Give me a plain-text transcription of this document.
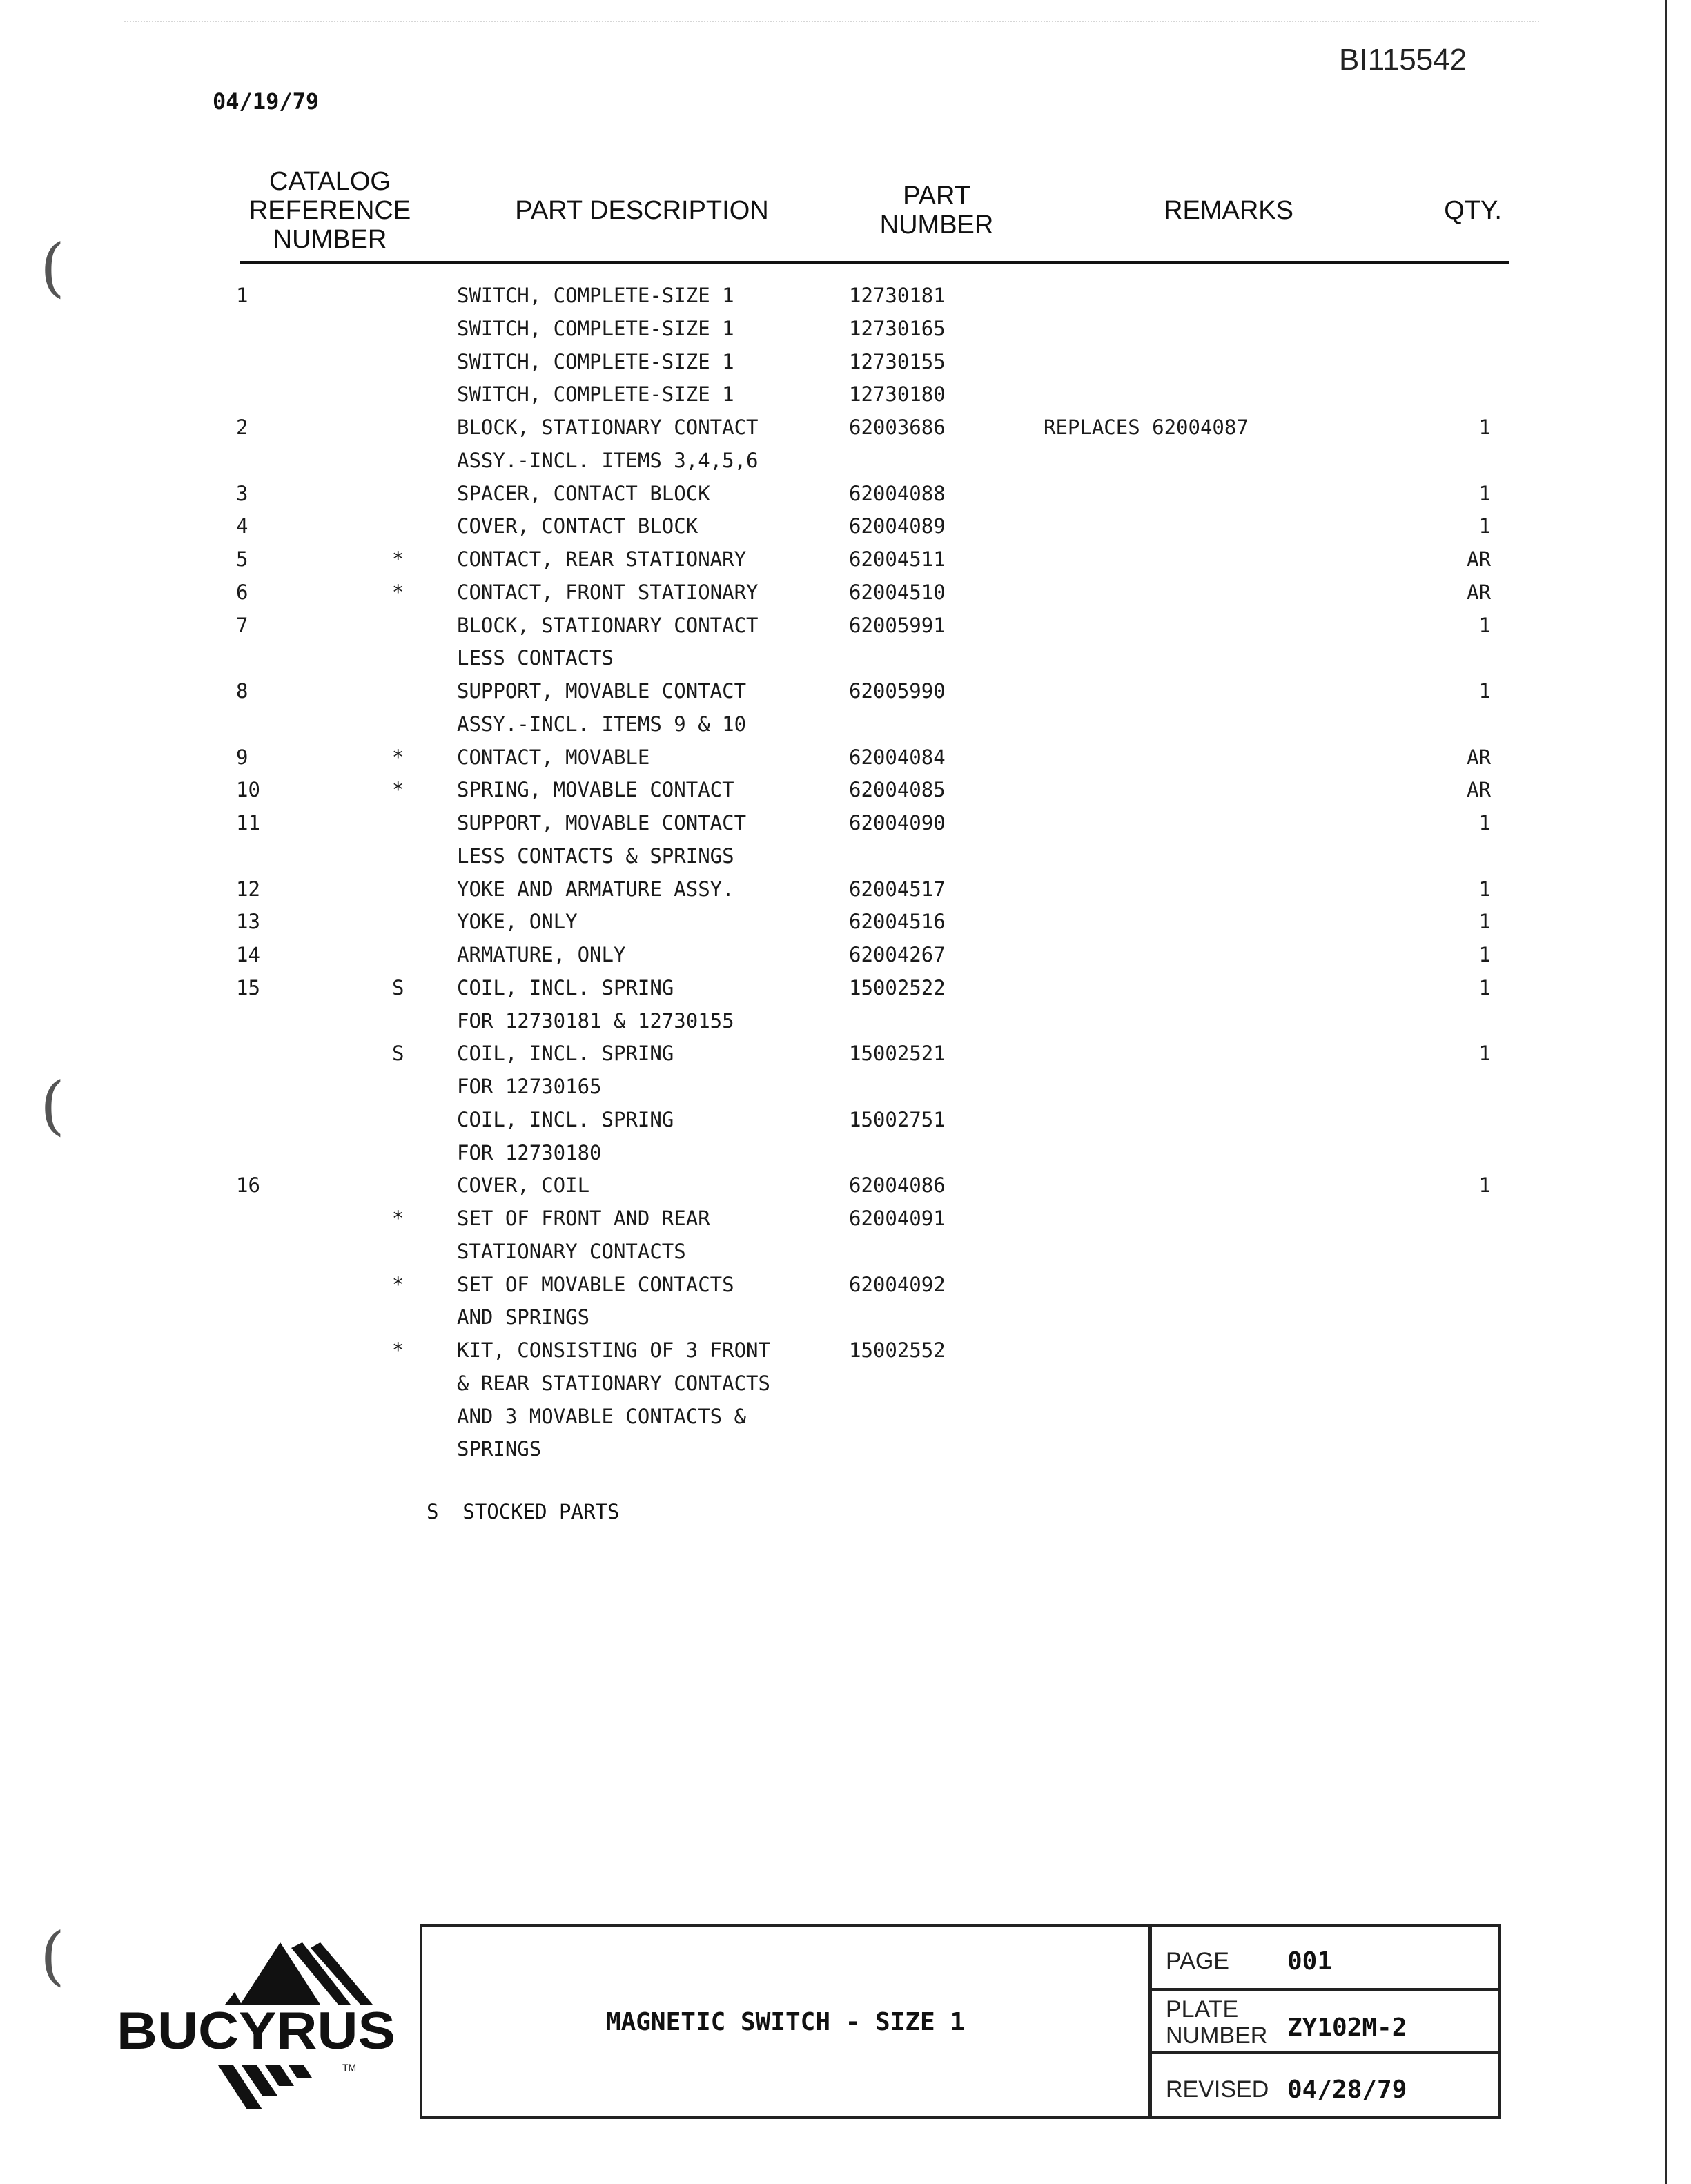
BI115542
04/19/79
CATALOG
REFERENCE
NUMBER
PART DESCRIPTION	PART
NUMBER	REMARKS	QTY.
1	SWITCH, COMPLETE-SIZE 1	12730181
SWITCH, COMPLETE-SIZE 1	12730165
SWITCH, COMPLETE-SIZE 1	12730155
SWITCH, COMPLETE-SIZE 1	12730180
2	BLOCK, STATIONARY CONTACT	62003686	REPLACES 62004087	1
ASSY.-INCL. ITEMS 3,4,5,6
3	SPACER, CONTACT BLOCK	62004088	1
4	COVER, CONTACT BLOCK	62004089	1
5	*	CONTACT, REAR STATIONARY	62004511	AR
6	*	CONTACT, FRONT STATIONARY	62004510	AR
7	BLOCK, STATIONARY CONTACT	62005991	1
LESS CONTACTS
8	SUPPORT, MOVABLE CONTACT	62005990	1
ASSY.-INCL. ITEMS 9 & 10
9	*	CONTACT, MOVABLE	62004084	AR
10	*	SPRING, MOVABLE CONTACT	62004085	AR
11	SUPPORT, MOVABLE CONTACT	62004090	1
LESS CONTACTS & SPRINGS
12	YOKE AND ARMATURE ASSY.	62004517	1
13	YOKE, ONLY	62004516	1
14	ARMATURE, ONLY	62004267	1
15	S	COIL, INCL. SPRING	15002522	1
FOR 12730181 & 12730155
S	COIL, INCL. SPRING	15002521	1
FOR 12730165
COIL, INCL. SPRING	15002751
FOR 12730180
16	COVER, COIL	62004086	1
*	SET OF FRONT AND REAR	62004091
STATIONARY CONTACTS
*	SET OF MOVABLE CONTACTS	62004092
AND SPRINGS
*	KIT, CONSISTING OF 3 FRONT	15002552
& REAR STATIONARY CONTACTS
AND 3 MOVABLE CONTACTS &
SPRINGS
S  STOCKED PARTS
(
(
(
BUCYRUS
TM
MAGNETIC SWITCH - SIZE 1
PAGE 001
PLATE
NUMBER ZY102M-2
REVISED 04/28/79
